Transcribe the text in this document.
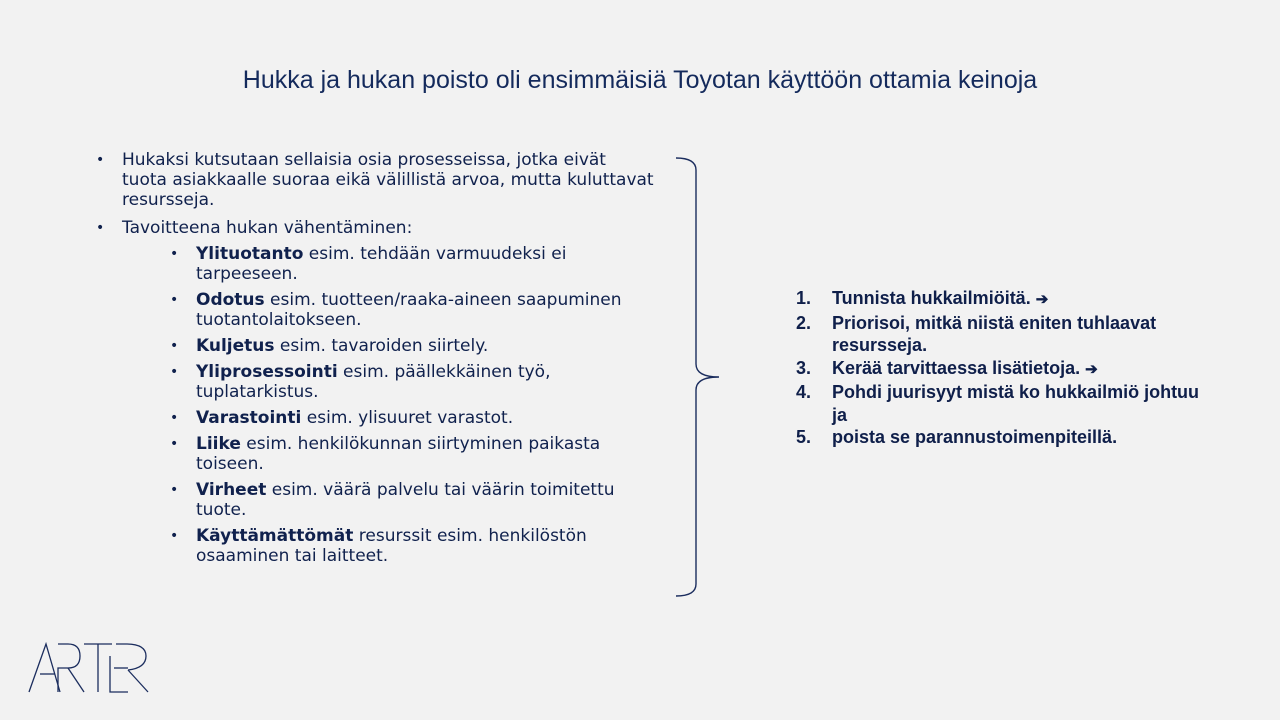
Hukka ja hukan poisto oli ensimmäisiä Toyotan käyttöön ottamia keinoja
• Hukaksi kutsutaan sellaisia osia prosesseissa, jotka eivät tuota asiakkaalle suoraa eikä välillistä arvoa, mutta kuluttavat resursseja.
• Tavoitteena hukan vähentäminen:
• Ylituotanto esim. tehdään varmuudeksi ei tarpeeseen.
• Odotus esim. tuotteen/raaka-aineen saapuminen tuotantolaitokseen.
• Kuljetus esim. tavaroiden siirtely.
• Yliprosessointi esim. päällekkäinen työ, tuplatarkistus.
• Varastointi esim. ylisuuret varastot.
• Liike esim. henkilökunnan siirtyminen paikasta toiseen.
• Virheet esim. väärä palvelu tai väärin toimitettu tuote.
• Käyttämättömät resurssit esim. henkilöstön osaaminen tai laitteet.
1. Tunnista hukkailmiöitä. ➔
2. Priorisoi, mitkä niistä eniten tuhlaavat resursseja.
3. Kerää tarvittaessa lisätietoja. ➔
4. Pohdi juurisyyt mistä ko hukkailmiö johtuu ja
5. poista se parannustoimenpiteillä.
